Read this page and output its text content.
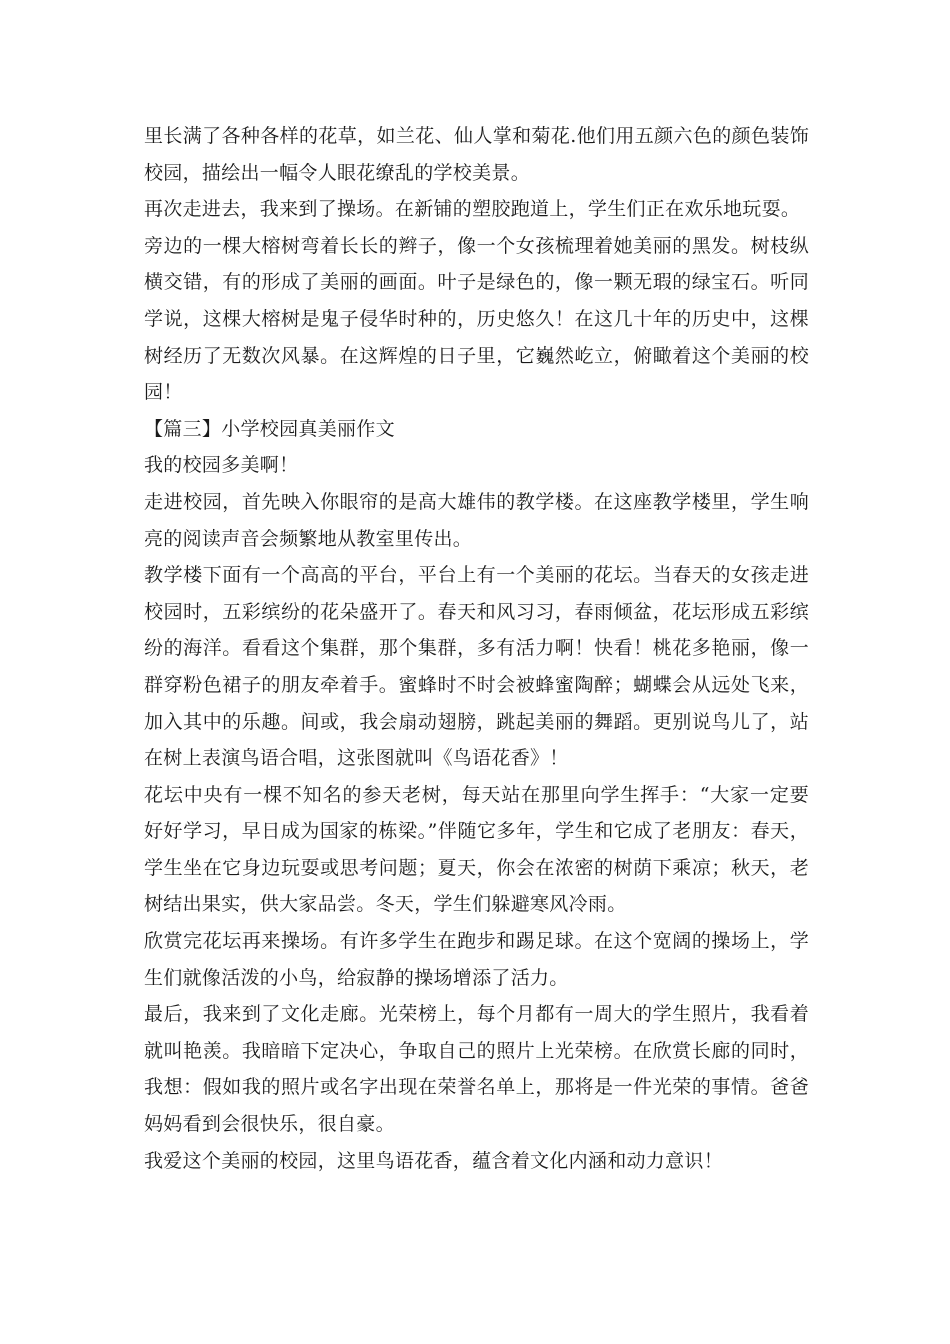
里长满了各种各样的花草，如兰花、仙人掌和菊花.他们用五颜六色的颜色装饰校园，描绘出一幅令人眼花缭乱的学校美景。

再次走进去，我来到了操场。在新铺的塑胶跑道上，学生们正在欢乐地玩耍。

旁边的一棵大榕树弯着长长的辫子，像一个女孩梳理着她美丽的黑发。树枝纵横交错，有的形成了美丽的画面。叶子是绿色的，像一颗无瑕的绿宝石。听同学说，这棵大榕树是鬼子侵华时种的，历史悠久！在这几十年的历史中，这棵树经历了无数次风暴。在这辉煌的日子里，它巍然屹立，俯瞰着这个美丽的校园！

【篇三】小学校园真美丽作文

我的校园多美啊！

走进校园，首先映入你眼帘的是高大雄伟的教学楼。在这座教学楼里，学生响亮的阅读声音会频繁地从教室里传出。

教学楼下面有一个高高的平台，平台上有一个美丽的花坛。当春天的女孩走进校园时，五彩缤纷的花朵盛开了。春天和风习习，春雨倾盆，花坛形成五彩缤纷的海洋。看看这个集群，那个集群，多有活力啊！快看！桃花多艳丽，像一群穿粉色裙子的朋友牵着手。蜜蜂时不时会被蜂蜜陶醉；蝴蝶会从远处飞来，加入其中的乐趣。间或，我会扇动翅膀，跳起美丽的舞蹈。更别说鸟儿了，站在树上表演鸟语合唱，这张图就叫《鸟语花香》！

花坛中央有一棵不知名的参天老树，每天站在那里向学生挥手：“大家一定要好好学习，早日成为国家的栋梁。”伴随它多年，学生和它成了老朋友：春天，学生坐在它身边玩耍或思考问题；夏天，你会在浓密的树荫下乘凉；秋天，老树结出果实，供大家品尝。冬天，学生们躲避寒风冷雨。

欣赏完花坛再来操场。有许多学生在跑步和踢足球。在这个宽阔的操场上，学生们就像活泼的小鸟，给寂静的操场增添了活力。

最后，我来到了文化走廊。光荣榜上，每个月都有一周大的学生照片，我看着就叫艳羡。我暗暗下定决心，争取自己的照片上光荣榜。在欣赏长廊的同时，我想：假如我的照片或名字出现在荣誉名单上，那将是一件光荣的事情。爸爸妈妈看到会很快乐，很自豪。

我爱这个美丽的校园，这里鸟语花香，蕴含着文化内涵和动力意识！
